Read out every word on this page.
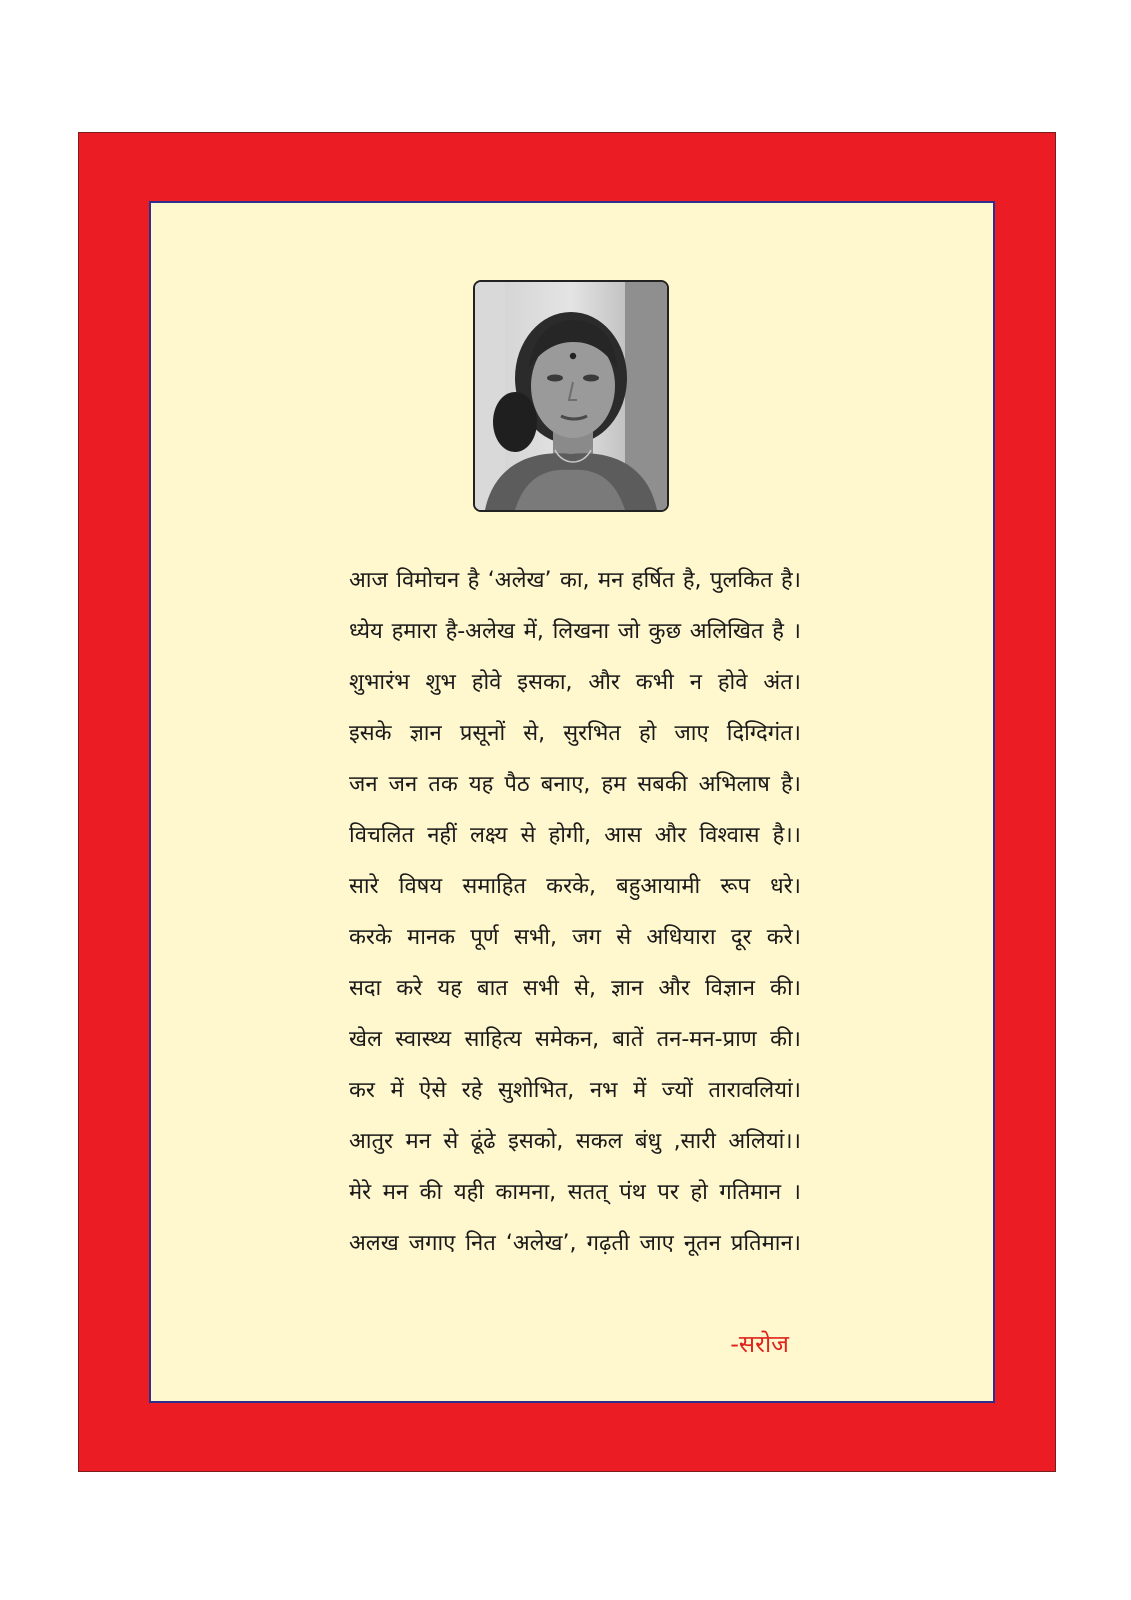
आज विमोचन है ‘अलेख’ का, मन हर्षित है, पुलकित है।
ध्येय हमारा है-अलेख में, लिखना जो कुछ अलिखित है ।
शुभारंभ शुभ होवे इसका, और कभी न होवे अंत।
इसके ज्ञान प्रसूनों से, सुरभित हो जाए दिग्दिगंत।
जन जन तक यह पैठ बनाए, हम सबकी अभिलाष है।
विचलित नहीं लक्ष्य से होगी, आस और विश्वास है।।
सारे विषय समाहित करके, बहुआयामी रूप धरे।
करके मानक पूर्ण सभी, जग से अधियारा दूर करे।
सदा करे यह बात सभी से, ज्ञान और विज्ञान की।
खेल स्वास्थ्य साहित्य समेकन, बातें तन-मन-प्राण की।
कर में ऐसे रहे सुशोभित, नभ में ज्यों तारावलियां।
आतुर मन से ढूंढे इसको, सकल बंधु ,सारी अलियां।।
मेरे मन की यही कामना, सतत् पंथ पर हो गतिमान ।
अलख जगाए नित ‘अलेख’, गढ़ती जाए नूतन प्रतिमान।
-सरोज
